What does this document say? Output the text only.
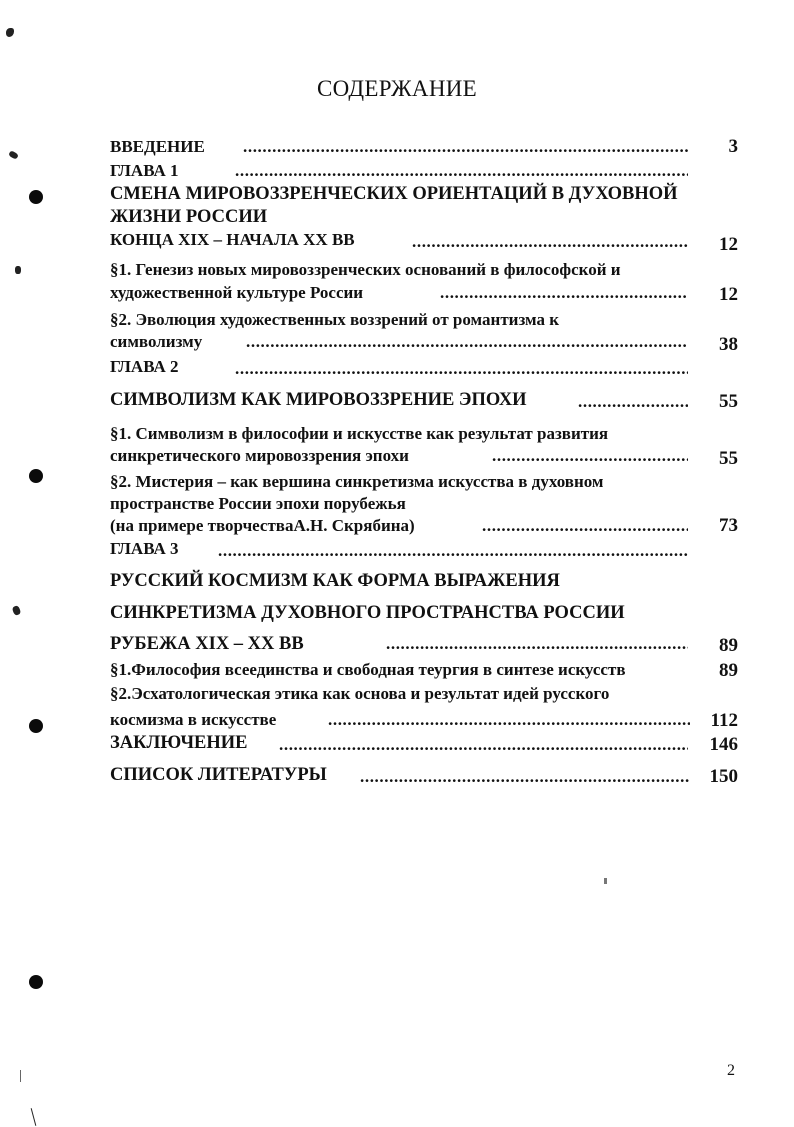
СОДЕРЖАНИЕ
ВВЕДЕНИЕ .....	3
ГЛАВА 1
.....
СМЕНА МИРОВОЗЗРЕНЧЕСКИХ ОРИЕНТАЦИЙ В ДУХОВНОЙ
ЖИЗНИ РОССИИ
КОНЦА XIX – НАЧАЛА XX ВВ .....	12
§1. Генезиз новых мировоззренческих оснований в философской и
художественной культуре России .....	12
§2. Эволюция художественных воззрений от романтизма к
символизму .....	38
ГЛАВА 2
.....
СИМВОЛИЗМ КАК МИРОВОЗЗРЕНИЕ ЭПОХИ .....	55
§1. Символизм в философии и искусстве как результат развития
синкретического мировоззрения эпохи .....	55
§2. Мистерия – как вершина синкретизма искусства в духовном
пространстве России эпохи порубежья
(на примере творчестваА.Н. Скрябина) .....	73
ГЛАВА 3
.....
РУССКИЙ КОСМИЗМ КАК ФОРМА ВЫРАЖЕНИЯ
СИНКРЕТИЗМА ДУХОВНОГО ПРОСТРАНСТВА РОССИИ
РУБЕЖА XIX – XX ВВ .....	89
§1.Философия всеединства и свободная теургия в синтезе искусств	89
§2.Эсхатологическая этика как основа и результат идей русского
космизма в искусстве .....	112
ЗАКЛЮЧЕНИЕ .....	146
СПИСОК ЛИТЕРАТУРЫ .....	150
2
